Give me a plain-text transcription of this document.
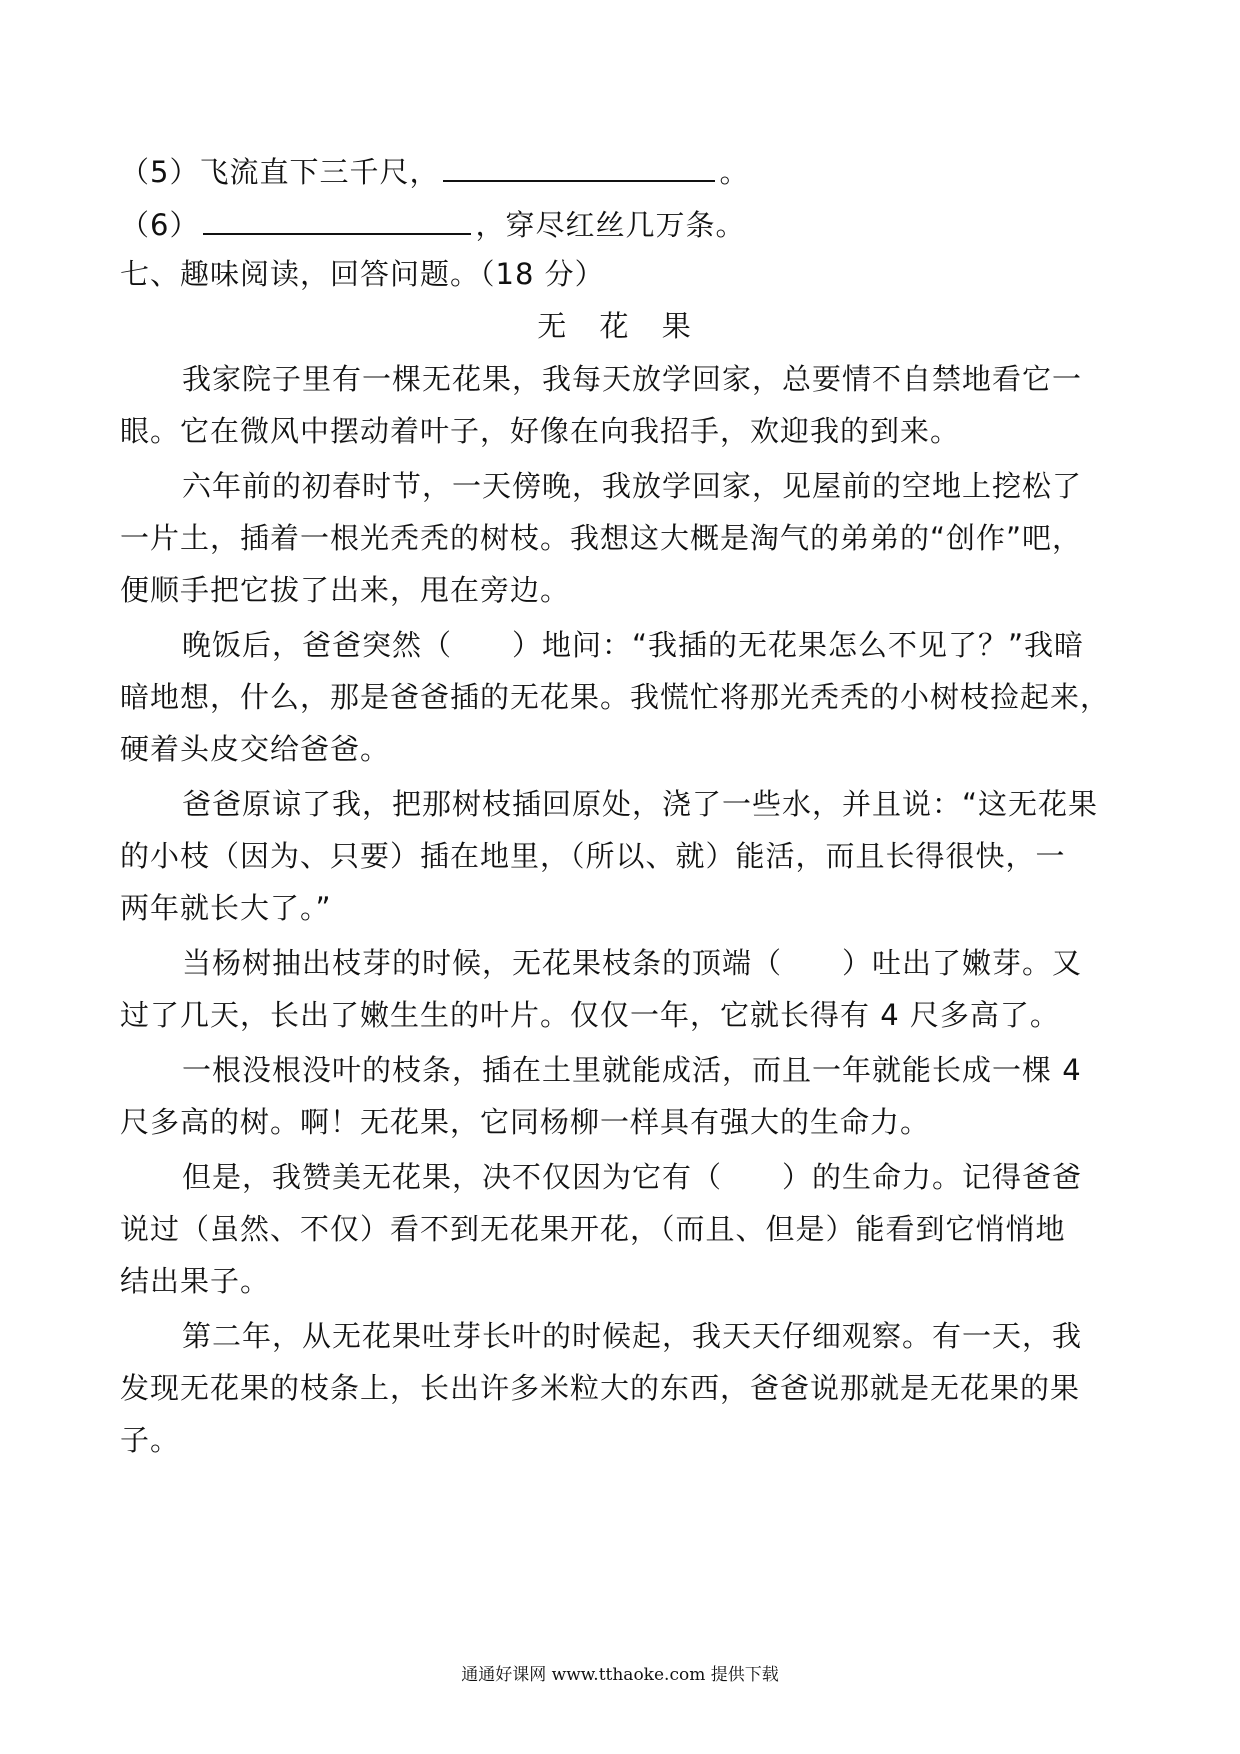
（5）飞流直下三千尺，	。
（6）	，穿尽红丝几万条。
七、趣味阅读，回答问题。（18 分）
无 花 果
我家院子里有一棵无花果，我每天放学回家，总要情不自禁地看它一
眼。它在微风中摆动着叶子，好像在向我招手，欢迎我的到来。
六年前的初春时节，一天傍晚，我放学回家，见屋前的空地上挖松了
一片土，插着一根光秃秃的树枝。我想这大概是淘气的弟弟的“创作”吧，
便顺手把它拔了出来，甩在旁边。
晚饭后，爸爸突然（　　）地问：“我插的无花果怎么不见了？”我暗
暗地想，什么，那是爸爸插的无花果。我慌忙将那光秃秃的小树枝捡起来，
硬着头皮交给爸爸。
爸爸原谅了我，把那树枝插回原处，浇了一些水，并且说：“这无花果
的小枝（因为、只要）插在地里，（所以、就）能活，而且长得很快，一
两年就长大了。”
当杨树抽出枝芽的时候，无花果枝条的顶端（　　）吐出了嫩芽。又
过了几天，长出了嫩生生的叶片。仅仅一年，它就长得有 4 尺多高了。
一根没根没叶的枝条，插在土里就能成活，而且一年就能长成一棵 4
尺多高的树。啊！无花果，它同杨柳一样具有强大的生命力。
但是，我赞美无花果，决不仅因为它有（　　）的生命力。记得爸爸
说过（虽然、不仅）看不到无花果开花，（而且、但是）能看到它悄悄地
结出果子。
第二年，从无花果吐芽长叶的时候起，我天天仔细观察。有一天，我
发现无花果的枝条上，长出许多米粒大的东西，爸爸说那就是无花果的果
子。
通通好课网 www.tthaoke.com 提供下载
